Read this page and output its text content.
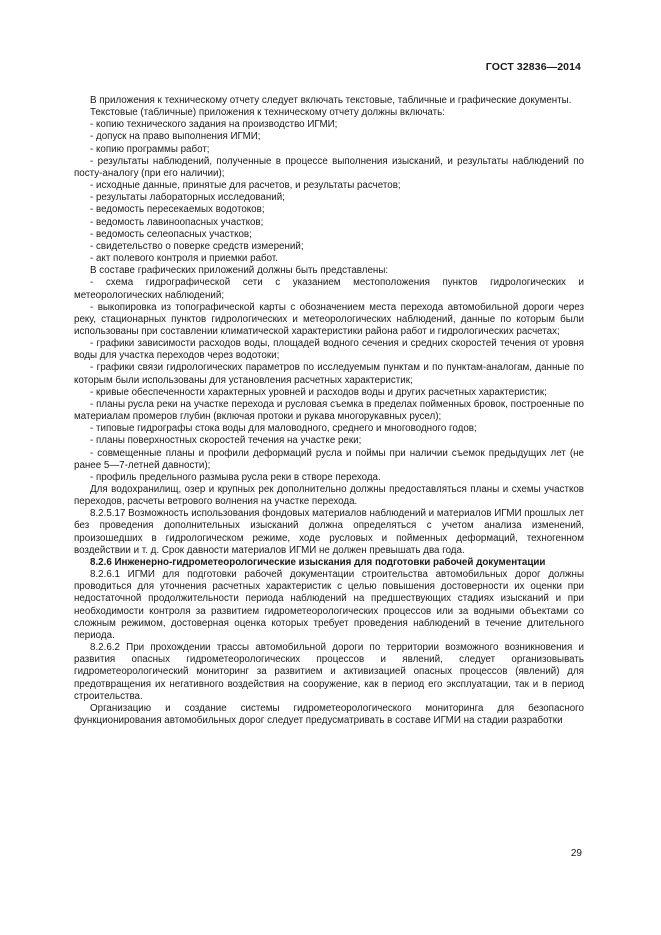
ГОСТ 32836—2014

В приложения к техническому отчету следует включать текстовые, табличные и графические документы.

Текстовые (табличные) приложения к техническому отчету должны включать:

- копию технического задания на производство ИГМИ;

- допуск на право выполнения ИГМИ;

- копию программы работ;

- результаты наблюдений, полученные в процессе выполнения изысканий, и результаты наблюдений по посту-аналогу (при его наличии);

- исходные данные, принятые для расчетов, и результаты расчетов;

- результаты лабораторных исследований;

- ведомость пересекаемых водотоков;

- ведомость лавиноопасных участков;

- ведомость селеопасных участков;

- свидетельство о поверке средств измерений;

- акт полевого контроля и приемки работ.

В составе графических приложений должны быть представлены:

- схема гидрографической сети с указанием местоположения пунктов гидрологических и метеорологических наблюдений;

- выкопировка из топографической карты с обозначением места перехода автомобильной дороги через реку, стационарных пунктов гидрологических и метеорологических наблюдений, данные по которым были использованы при составлении климатической характеристики района работ и гидрологических расчетах;

- графики зависимости расходов воды, площадей водного сечения и средних скоростей течения от уровня воды для участка переходов через водотоки;

- графики связи гидрологических параметров по исследуемым пунктам и по пунктам-аналогам, данные по которым были использованы для установления расчетных характеристик;

- кривые обеспеченности характерных уровней и расходов воды и других расчетных характеристик;

- планы русла реки на участке перехода и русловая съемка в пределах пойменных бровок, построенные по материалам промеров глубин (включая протоки и рукава многорукавных русел);

- типовые гидрографы стока воды для маловодного, среднего и многоводного годов;

- планы поверхностных скоростей течения на участке реки;

- совмещенные планы и профили деформаций русла и поймы при наличии съемок предыдущих лет (не ранее 5—7-летней давности);

- профиль предельного размыва русла реки в створе перехода.

Для водохранилищ, озер и крупных рек дополнительно должны предоставляться планы и схемы участков переходов, расчеты ветрового волнения на участке перехода.

8.2.5.17 Возможность использования фондовых материалов наблюдений и материалов ИГМИ прошлых лет без проведения дополнительных изысканий должна определяться с учетом анализа изменений, произошедших в гидрологическом режиме, ходе русловых и пойменных деформаций, техногенном воздействии и т. д. Срок давности материалов ИГМИ не должен превышать два года.

8.2.6 Инженерно-гидрометеорологические изыскания для подготовки рабочей документации

8.2.6.1 ИГМИ для подготовки рабочей документации строительства автомобильных дорог должны проводиться для уточнения расчетных характеристик с целью повышения достоверности их оценки при недостаточной продолжительности периода наблюдений на предшествующих стадиях изысканий и при необходимости контроля за развитием гидрометеорологических процессов или за водными объектами со сложным режимом, достоверная оценка которых требует проведения наблюдений в течение длительного периода.

8.2.6.2 При прохождении трассы автомобильной дороги по территории возможного возникновения и развития опасных гидрометеорологических процессов и явлений, следует организовывать гидрометеорологический мониторинг за развитием и активизацией опасных процессов (явлений) для предотвращения их негативного воздействия на сооружение, как в период его эксплуатации, так и в период строительства.

Организацию и создание системы гидрометеорологического мониторинга для безопасного функционирования автомобильных дорог следует предусматривать в составе ИГМИ на стадии разработки

29
